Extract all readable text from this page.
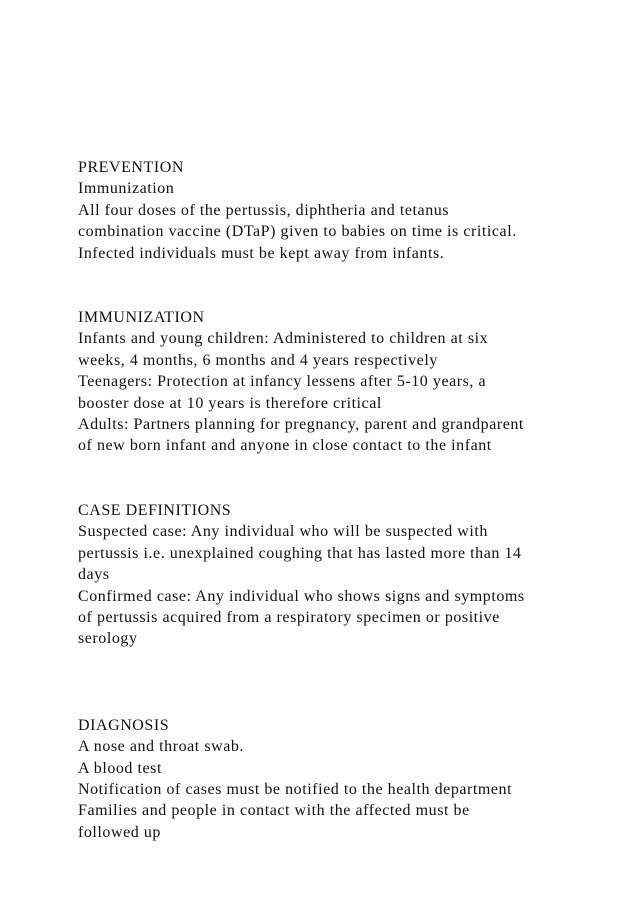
PREVENTION
Immunization
All four doses of the pertussis, diphtheria and tetanus
combination vaccine (DTaP) given to babies on time is critical.
Infected individuals must be kept away from infants.
IMMUNIZATION
Infants and young children: Administered to children at six
weeks, 4 months, 6 months and 4 years respectively
Teenagers: Protection at infancy lessens after 5-10 years, a
booster dose at 10 years is therefore critical
Adults: Partners planning for pregnancy, parent and grandparent
of new born infant and anyone in close contact to the infant
CASE DEFINITIONS
Suspected case: Any individual who will be suspected with
pertussis i.e. unexplained coughing that has lasted more than 14
days
Confirmed case: Any individual who shows signs and symptoms
of pertussis acquired from a respiratory specimen or positive
serology
DIAGNOSIS
A nose and throat swab.
A blood test
Notification of cases must be notified to the health department
Families and people in contact with the affected must be
followed up
